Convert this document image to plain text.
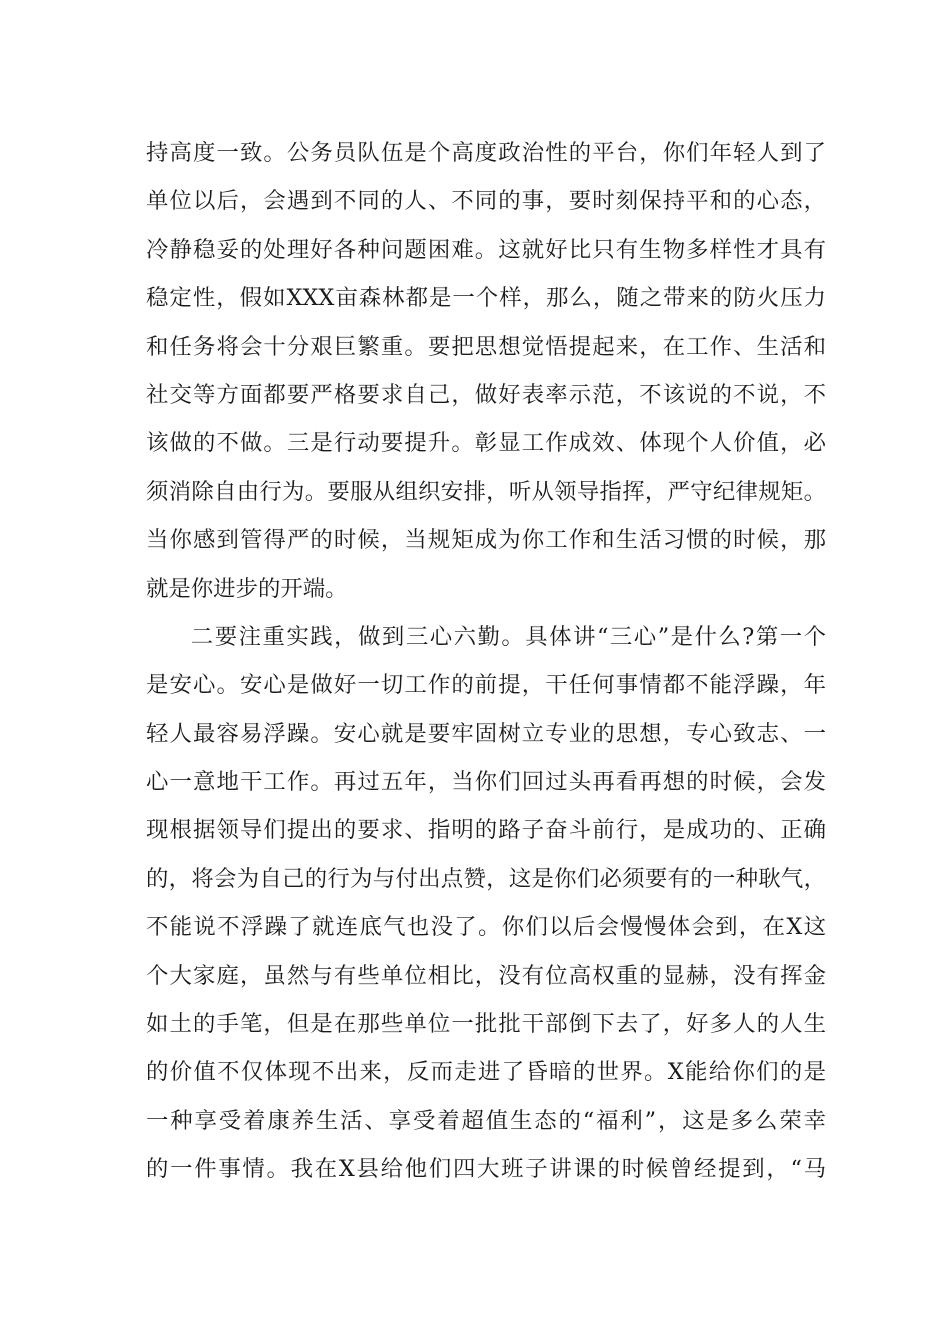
持高度一致。公务员队伍是个高度政治性的平台，你们年轻人到了
单位以后，会遇到不同的人、不同的事，要时刻保持平和的心态，
冷静稳妥的处理好各种问题困难。这就好比只有生物多样性才具有
稳定性，假如XXX亩森林都是一个样，那么，随之带来的防火压力
和任务将会十分艰巨繁重。要把思想觉悟提起来，在工作、生活和
社交等方面都要严格要求自己，做好表率示范，不该说的不说，不
该做的不做。三是行动要提升。彰显工作成效、体现个人价值，必
须消除自由行为。要服从组织安排，听从领导指挥，严守纪律规矩。
当你感到管得严的时候，当规矩成为你工作和生活习惯的时候，那
就是你进步的开端。
二要注重实践，做到三心六勤。具体讲“三心”是什么?第一个
是安心。安心是做好一切工作的前提，干任何事情都不能浮躁，年
轻人最容易浮躁。安心就是要牢固树立专业的思想，专心致志、一
心一意地干工作。再过五年，当你们回过头再看再想的时候，会发
现根据领导们提出的要求、指明的路子奋斗前行，是成功的、正确
的，将会为自己的行为与付出点赞，这是你们必须要有的一种耿气，
不能说不浮躁了就连底气也没了。你们以后会慢慢体会到，在X这
个大家庭，虽然与有些单位相比，没有位高权重的显赫，没有挥金
如土的手笔，但是在那些单位一批批干部倒下去了，好多人的人生
的价值不仅体现不出来，反而走进了昏暗的世界。X能给你们的是
一种享受着康养生活、享受着超值生态的“福利”，这是多么荣幸
的一件事情。我在X县给他们四大班子讲课的时候曾经提到，“马
